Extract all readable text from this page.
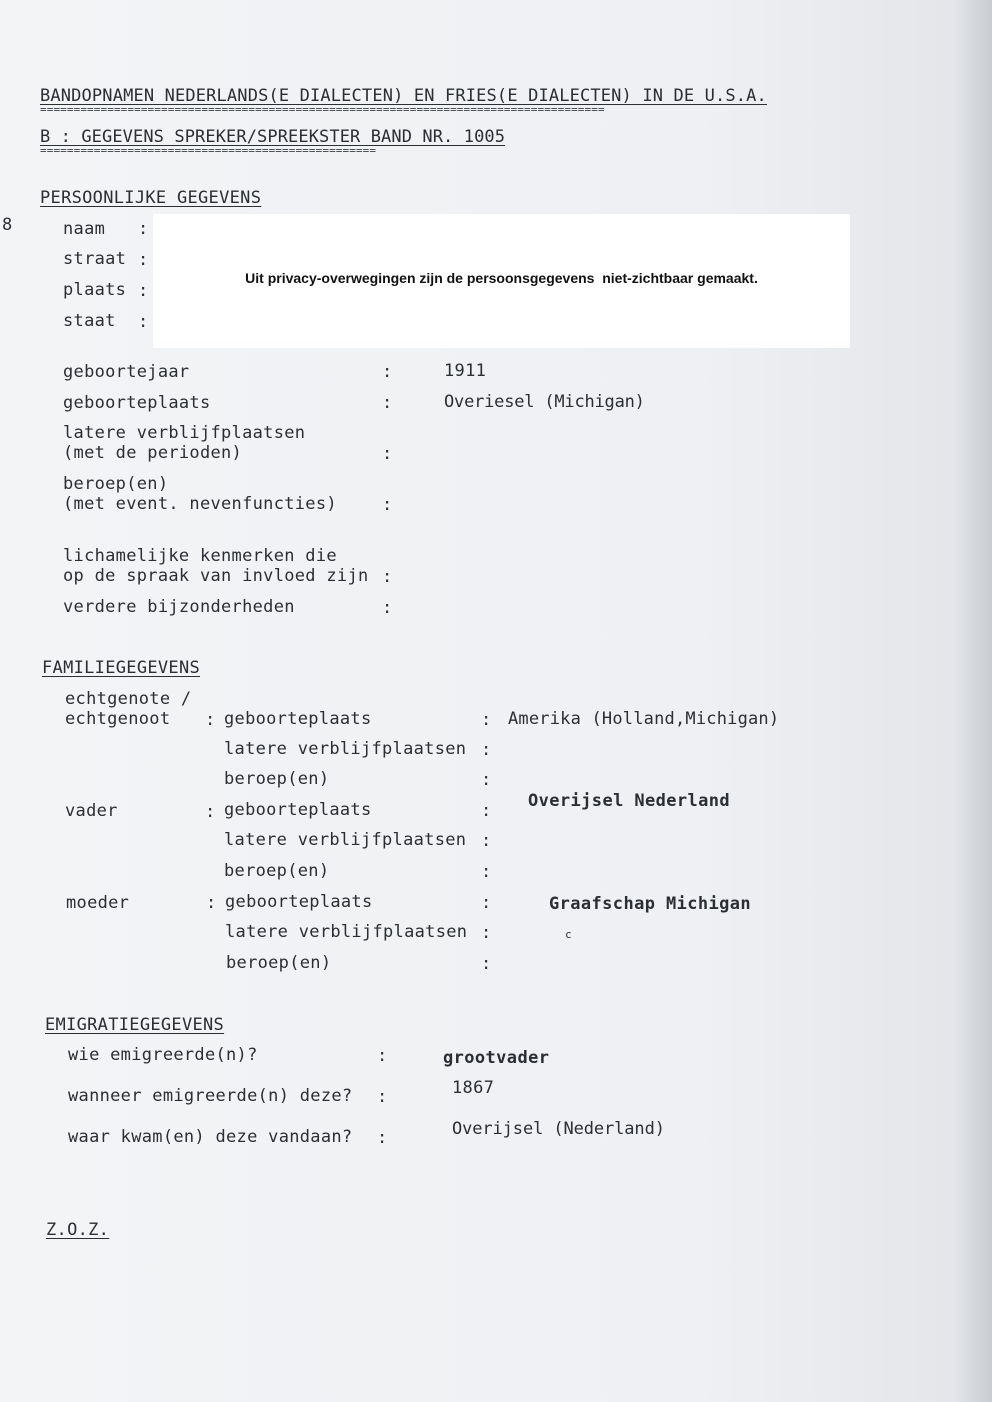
8
BANDOPNAMEN NEDERLANDS(E DIALECTEN) EN FRIES(E DIALECTEN) IN DE U.S.A.
====================================================================================
B : GEGEVENS SPREKER/SPREEKSTER BAND NR. 1005
==================================================
PERSOONLIJKE GEGEVENS
naam :
straat :
plaats :
staat :
Uit privacy-overwegingen zijn de persoonsgegevens  niet-zichtbaar gemaakt.
geboortejaar	:	1911
geboorteplaats	:	Overiesel (Michigan)
latere verblijfplaatsen
(met de perioden)	:
beroep(en)
(met event. nevenfuncties)	:
lichamelijke kenmerken die
op de spraak van invloed zijn :
verdere bijzonderheden	:
FAMILIEGEGEVENS
echtgenote /
echtgenoot : geboorteplaats	: Amerika (Holland,Michigan)
latere verblijfplaatsen :
beroep(en)	:
vader	: geboorteplaats	: Overijsel Nederland
latere verblijfplaatsen :
beroep(en)	:
moeder	: geboorteplaats	:	Graafschap Michigan
latere verblijfplaatsen :	c
beroep(en)	:
EMIGRATIEGEGEVENS
wie emigreerde(n)?	:	grootvader
wanneer emigreerde(n) deze? :	1867
waar kwam(en) deze vandaan? :	Overijsel (Nederland)
Z.O.Z.
